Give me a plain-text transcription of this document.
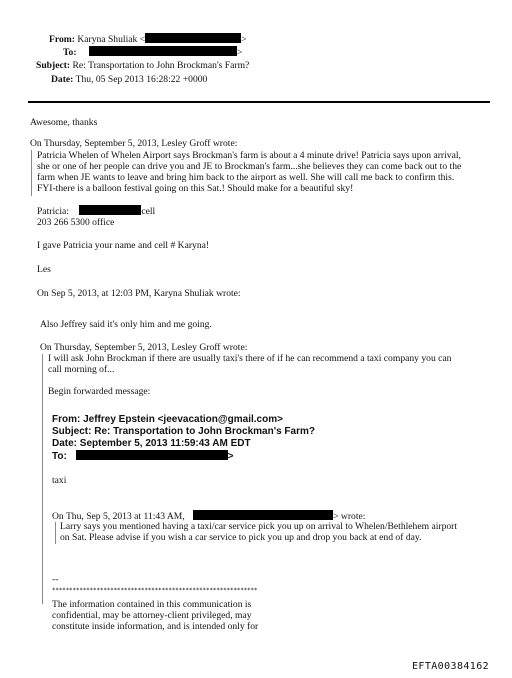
From: Karyna Shuliak <	>
To:	>
Subject: Re: Transportation to John Brockman's Farm?
Date: Thu, 05 Sep 2013 16:28:22 +0000
Awesome, thanks
On Thursday, September 5, 2013, Lesley Groff wrote:
Patricia Whelen of Whelen Airport says Brockman's farm is about a 4 minute drive! Patricia says upon arrival,
she or one of her people can drive you and JE to Brockman's farm...she believes they can come back out to the
farm when JE wants to leave and bring him back to the airport as well. She will call me back to confirm this.
FYI-there is a balloon festival going on this Sat.! Should make for a beautiful sky!
Patricia:	cell
203 266 5300 office
I gave Patricia your name and cell # Karyna!
Les
On Sep 5, 2013, at 12:03 PM, Karyna Shuliak wrote:
Also Jeffrey said it's only him and me going.
On Thursday, September 5, 2013, Lesley Groff wrote:
I will ask John Brockman if there are usually taxi's there of if he can recommend a taxi company you can
call morning of...
Begin forwarded message:
From: Jeffrey Epstein <jeevacation@gmail.com>
Subject: Re: Transportation to John Brockman's Farm?
Date: September 5, 2013 11:59:43 AM EDT
To:	>
taxi
On Thu, Sep 5, 2013 at 11:43 AM,	> wrote:
Larry says you mentioned having a taxi/car service pick you up on arrival to Whelen/Bethlehem airport
on Sat. Please advise if you wish a car service to pick you up and drop you back at end of day.
--
************************************************************
The information contained in this communication is
confidential, may be attorney-client privileged, may
constitute inside information, and is intended only for
EFTA00384162
